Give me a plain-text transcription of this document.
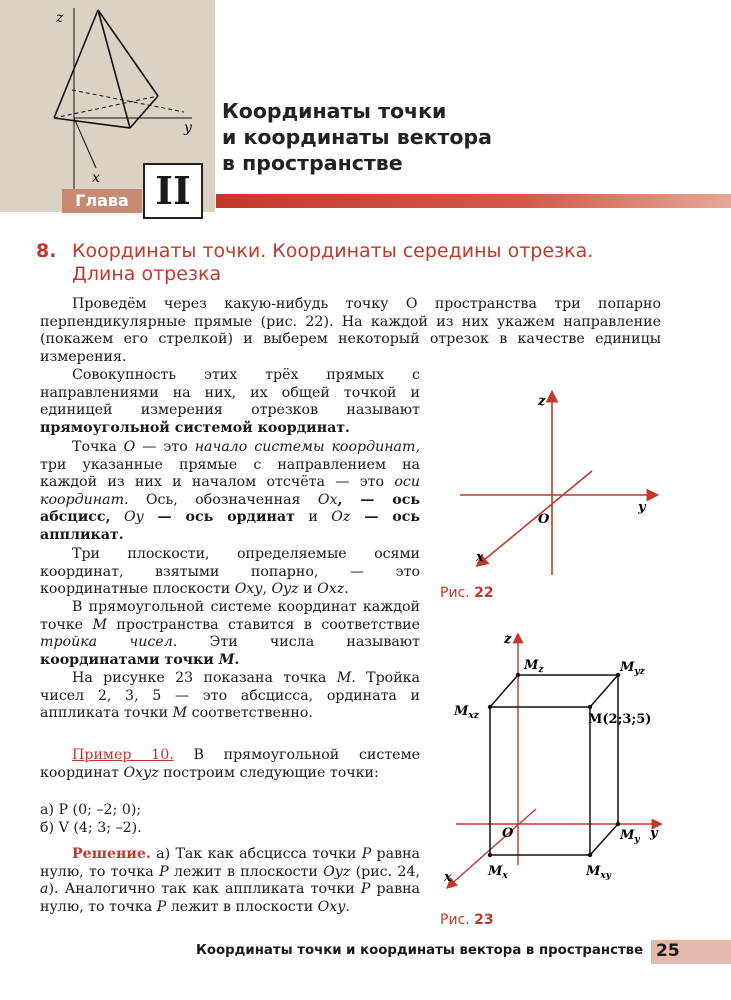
z
y
x
Глава II
Координаты точки
и координаты вектора
в пространстве
8. Координаты точки. Координаты середины отрезка. Длина отрезка

Проведём через какую-нибудь точку O пространства три попарно перпендикулярные прямые (рис. 22). На каждой из них укажем направление (покажем его стрелкой) и выберем некоторый отрезок в качестве единицы измерения.

Совокупность этих трёх прямых с направлениями на них, их общей точкой и единицей измерения отрезков называют прямоугольной системой координат.

Точка O — это начало системы координат, три указанные прямые с направлением на каждой из них и началом отсчёта — это оси координат. Ось, обозначенная Ox, — ось абсцисс, Oy — ось ординат и Oz — ось аппликат.

Три плоскости, определяемые осями координат, взятыми попарно, — это координатные плоскости Oxy, Oyz и Oxz.

В прямоугольной системе координат каждой точке M пространства ставится в соответствие тройка чисел. Эти числа называют координатами точки M.

На рисунке 23 показана точка M. Тройка чисел 2, 3, 5 — это абсцисса, ордината и аппликата точки M соответственно.

Пример 10. В прямоугольной системе координат Oxyz построим следующие точки:

а) P (0; –2; 0);

б) V (4; 3; –2).

Решение. а) Так как абсцисса точки P равна нулю, то точка P лежит в плоскости Oyz (рис. 24, а). Аналогично так как аппликата точки P равна нулю, то точка P лежит в плоскости Oxy.

z
y
x
O
Рис. 22
z
y
x
O
$M_z$	$M_{yz}$
$M_{xz}$	M(2;3;5)
$M_y$
$M_x$	$M_{xy}$
Рис. 23
Координаты точки и координаты вектора в пространстве 25
